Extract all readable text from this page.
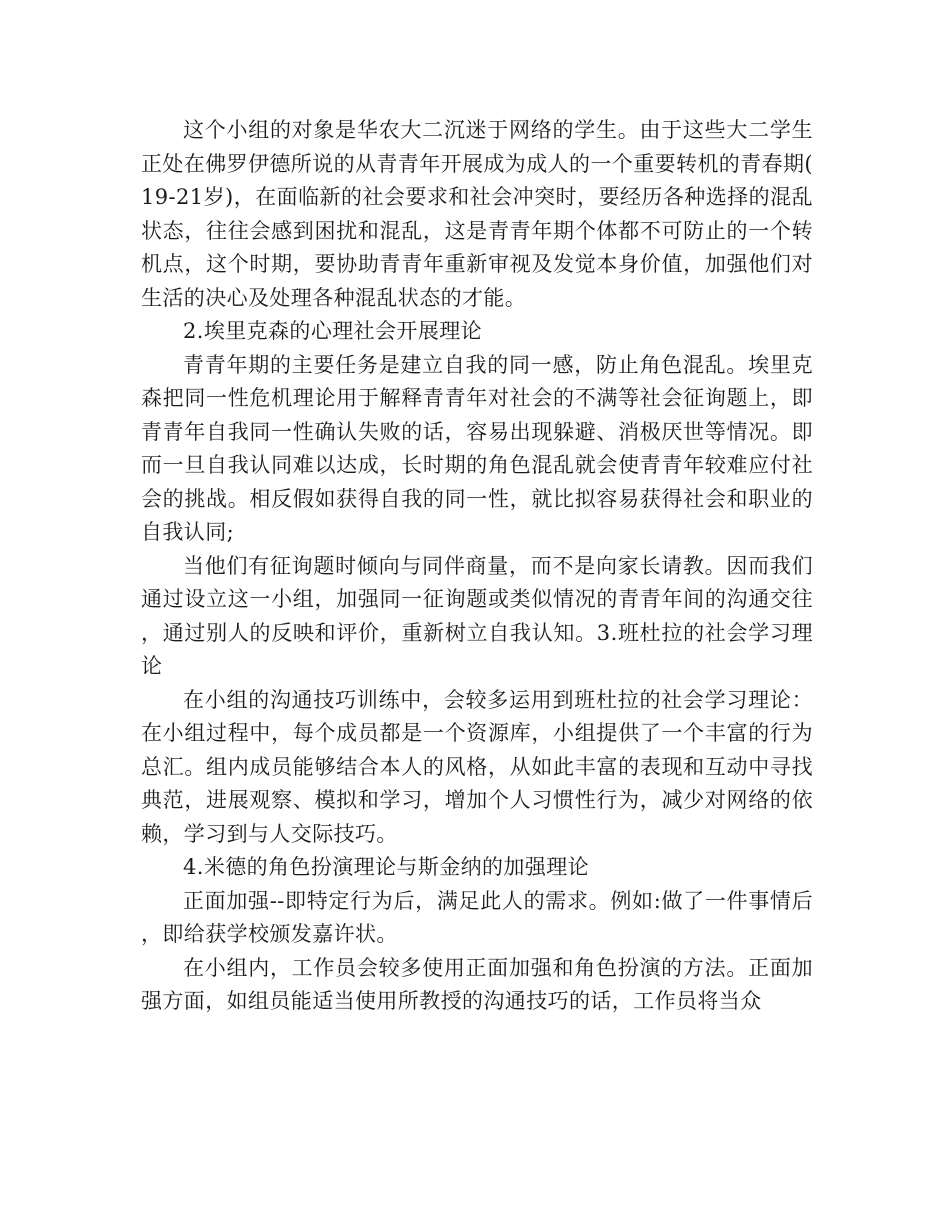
这个小组的对象是华农大二沉迷于网络的学生。由于这些大二学生正处在佛罗伊德所说的从青青年开展成为成人的一个重要转机的青春期(19-21岁)，在面临新的社会要求和社会冲突时，要经历各种选择的混乱状态，往往会感到困扰和混乱，这是青青年期个体都不可防止的一个转机点，这个时期，要协助青青年重新审视及发觉本身价值，加强他们对生活的决心及处理各种混乱状态的才能。

2.埃里克森的心理社会开展理论

青青年期的主要任务是建立自我的同一感，防止角色混乱。埃里克森把同一性危机理论用于解释青青年对社会的不满等社会征询题上，即青青年自我同一性确认失败的话，容易出现躲避、消极厌世等情况。即而一旦自我认同难以达成，长时期的角色混乱就会使青青年较难应付社会的挑战。相反假如获得自我的同一性，就比拟容易获得社会和职业的自我认同;

当他们有征询题时倾向与同伴商量，而不是向家长请教。因而我们通过设立这一小组，加强同一征询题或类似情况的青青年间的沟通交往，通过别人的反映和评价，重新树立自我认知。3.班杜拉的社会学习理论

在小组的沟通技巧训练中，会较多运用到班杜拉的社会学习理论：在小组过程中，每个成员都是一个资源库，小组提供了一个丰富的行为总汇。组内成员能够结合本人的风格，从如此丰富的表现和互动中寻找典范，进展观察、模拟和学习，增加个人习惯性行为，减少对网络的依赖，学习到与人交际技巧。

4.米德的角色扮演理论与斯金纳的加强理论

正面加强--即特定行为后，满足此人的需求。例如:做了一件事情后，即给获学校颁发嘉许状。

在小组内，工作员会较多使用正面加强和角色扮演的方法。正面加强方面，如组员能适当使用所教授的沟通技巧的话，工作员将当众
